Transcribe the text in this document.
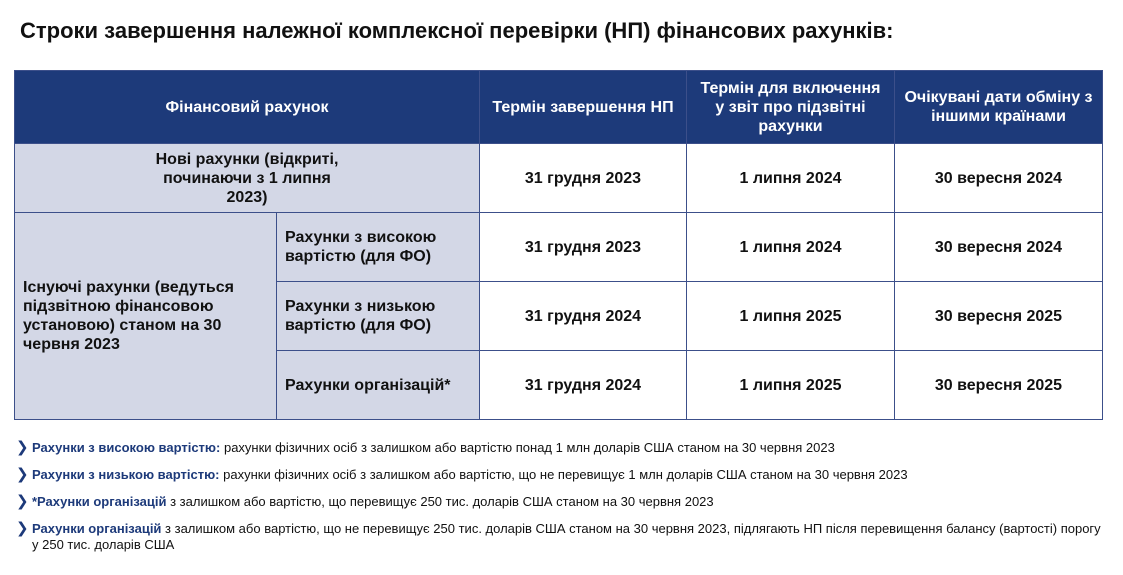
Строки завершення належної комплексної перевірки (НП) фінансових рахунків:
Фінансовий рахунок		Термін завершення НП	Термін для включення у звіт про підзвітні рахунки	Очікувані дати обміну з іншими країнами

Нові рахунки (відкриті, починаючи з 1 липня 2023)		31 грудня 2023	1 липня 2024	30 вересня 2024
Існуючі рахунки (ведуться підзвітною фінансовою установою) станом на 30 червня 2023	Рахунки з високою вартістю (для ФО)	31 грудня 2023	1 липня 2024	30 вересня 2024
	Рахунки з низькою вартістю (для ФО)	31 грудня 2024	1 липня 2025	30 вересня 2025
	Рахунки організацій*	31 грудня 2024	1 липня 2025	30 вересня 2025
❯ Рахунки з високою вартістю: рахунки фізичних осіб з залишком або вартістю понад 1 млн доларів США станом на 30 червня 2023
❯ Рахунки з низькою вартістю: рахунки фізичних осіб з залишком або вартістю, що не перевищує 1 млн доларів США станом на 30 червня 2023
❯ *Рахунки організацій з залишком або вартістю, що перевищує 250 тис. доларів США станом на 30 червня 2023
❯ Рахунки організацій з залишком або вартістю, що не перевищує 250 тис. доларів США станом на 30 червня 2023, підлягають НП після перевищення балансу (вартості) порогу у 250 тис. доларів США
